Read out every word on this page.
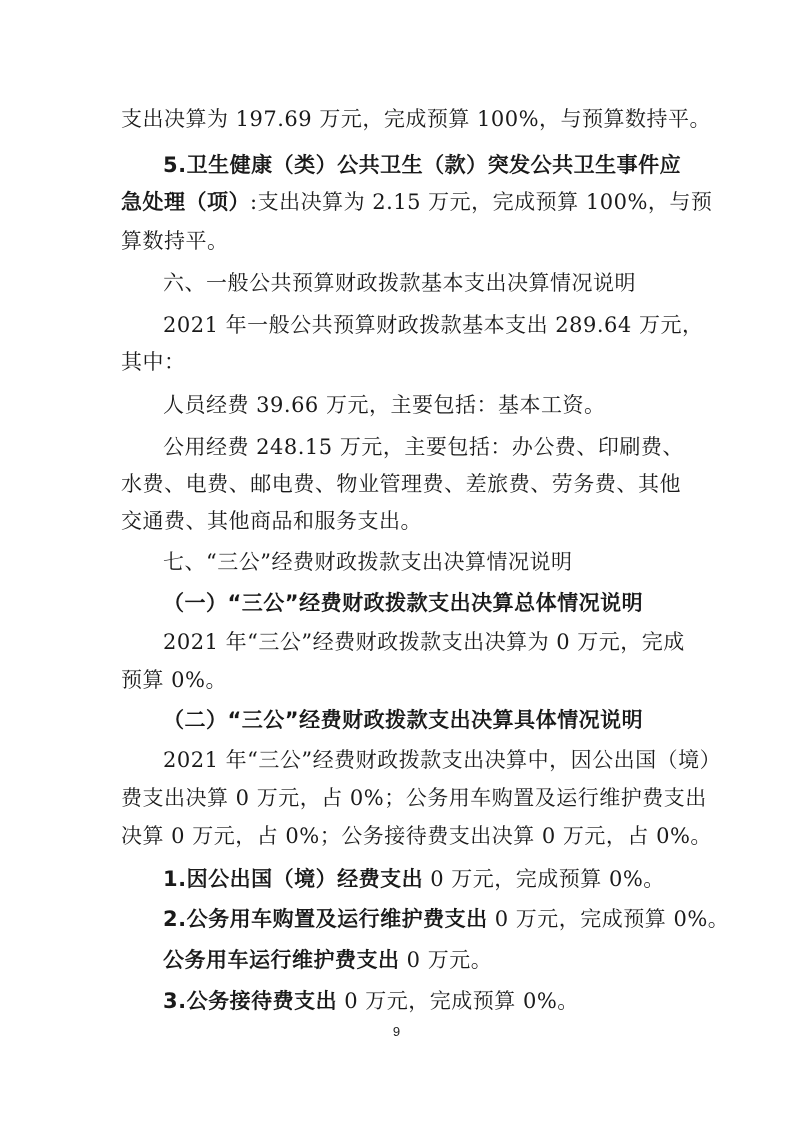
支出决算为 197.69 万元，完成预算 100%，与预算数持平。
5.卫生健康（类）公共卫生（款）突发公共卫生事件应
急处理（项）:支出决算为 2.15 万元，完成预算 100%，与预
算数持平。
六、一般公共预算财政拨款基本支出决算情况说明
2021 年一般公共预算财政拨款基本支出 289.64 万元，
其中：
人员经费 39.66 万元，主要包括：基本工资。
公用经费 248.15 万元，主要包括：办公费、印刷费、
水费、电费、邮电费、物业管理费、差旅费、劳务费、其他
交通费、其他商品和服务支出。
七、“三公”经费财政拨款支出决算情况说明
（一）“三公”经费财政拨款支出决算总体情况说明
2021 年“三公”经费财政拨款支出决算为 0 万元，完成
预算 0%。
（二）“三公”经费财政拨款支出决算具体情况说明
2021 年“三公”经费财政拨款支出决算中，因公出国（境）
费支出决算 0 万元，占 0%；公务用车购置及运行维护费支出
决算 0 万元，占 0%；公务接待费支出决算 0 万元，占 0%。
1.因公出国（境）经费支出 0 万元，完成预算 0%。
2.公务用车购置及运行维护费支出 0 万元，完成预算 0%。
公务用车运行维护费支出 0 万元。
3.公务接待费支出 0 万元，完成预算 0%。
9
